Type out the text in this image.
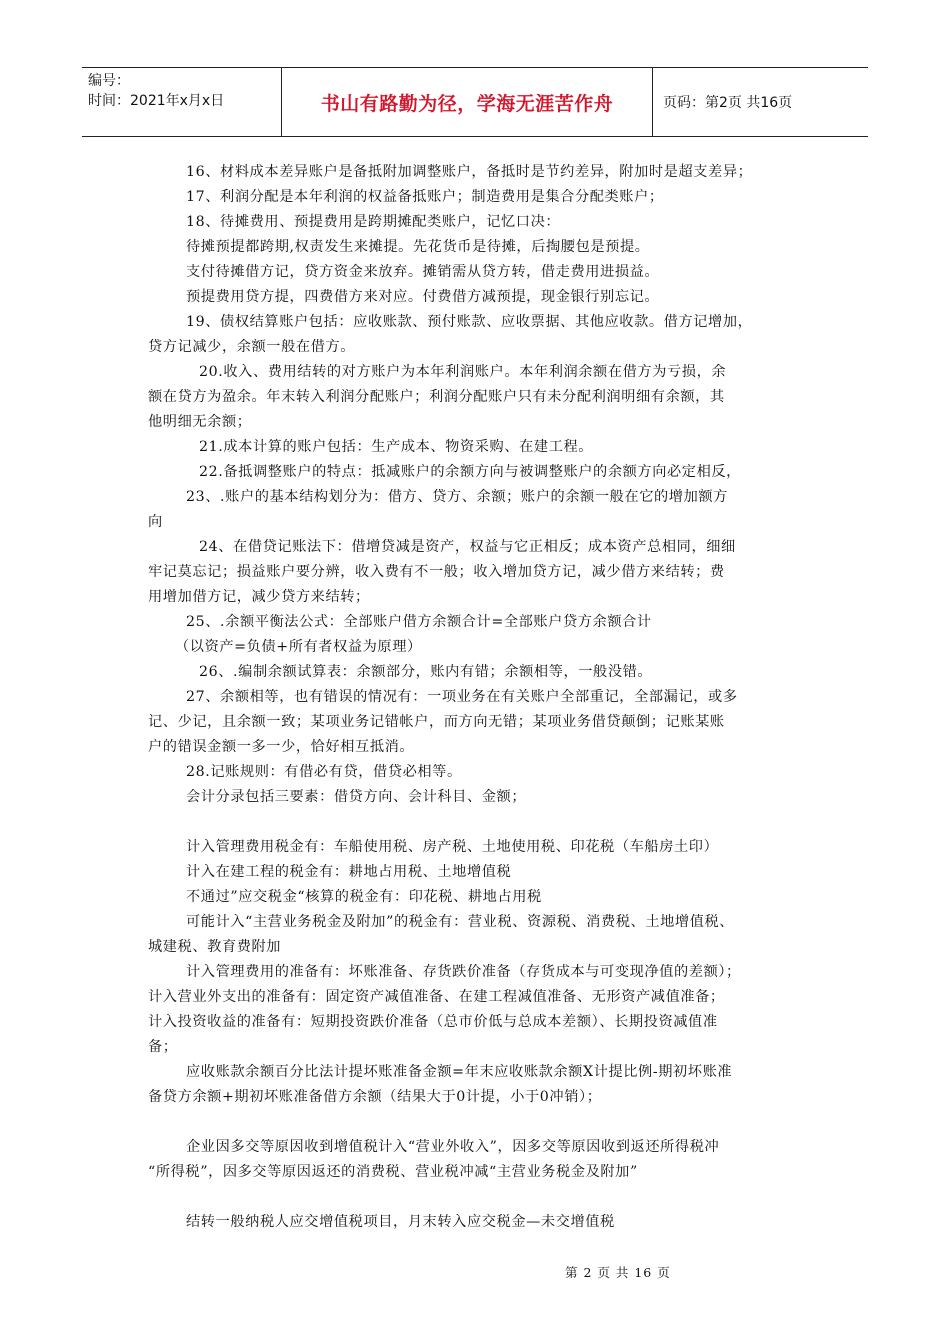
编号：
时间：2021年x月x日	书山有路勤为径，学海无涯苦作舟	页码：第2页 共16页
16、材料成本差异账户是备抵附加调整账户，备抵时是节约差异，附加时是超支差异；
17、利润分配是本年利润的权益备抵账户；制造费用是集合分配类账户；
18、待摊费用、预提费用是跨期摊配类账户，记忆口决：
待摊预提都跨期,权责发生来摊提。先花货币是待摊，后掏腰包是预提。
支付待摊借方记，贷方资金来放弃。摊销需从贷方转，借走费用进损益。
预提费用贷方提，四费借方来对应。付费借方减预提，现金银行别忘记。
19、债权结算账户包括：应收账款、预付账款、应收票据、其他应收款。借方记增加，
贷方记减少，余额一般在借方。
20.收入、费用结转的对方账户为本年利润账户。本年利润余额在借方为亏损，余
额在贷方为盈余。年末转入利润分配账户；利润分配账户只有未分配利润明细有余额，其
他明细无余额；
21.成本计算的账户包括：生产成本、物资采购、在建工程。
22.备抵调整账户的特点：抵减账户的余额方向与被调整账户的余额方向必定相反，
23、.账户的基本结构划分为：借方、贷方、余额；账户的余额一般在它的增加额方
向
24、在借贷记账法下：借增贷减是资产，权益与它正相反；成本资产总相同，细细
牢记莫忘记；损益账户要分辨，收入费有不一般；收入增加贷方记，减少借方来结转；费
用增加借方记，减少贷方来结转；
25、.余额平衡法公式：全部账户借方余额合计=全部账户贷方余额合计
（以资产=负债+所有者权益为原理）
26、.编制余额试算表：余额部分，账内有错；余额相等，一般没错。
27、余额相等，也有错误的情况有：一项业务在有关账户全部重记，全部漏记，或多
记、少记，且余额一致；某项业务记错帐户，而方向无错；某项业务借贷颠倒；记账某账
户的错误金额一多一少，恰好相互抵消。
28.记账规则：有借必有贷，借贷必相等。
会计分录包括三要素：借贷方向、会计科目、金额；
计入管理费用税金有：车船使用税、房产税、土地使用税、印花税（车船房土印）
计入在建工程的税金有：耕地占用税、土地增值税
不通过”应交税金“核算的税金有：印花税、耕地占用税
可能计入“主营业务税金及附加”的税金有：营业税、资源税、消费税、土地增值税、
城建税、教育费附加
计入管理费用的准备有：坏账准备、存货跌价准备（存货成本与可变现净值的差额）；
计入营业外支出的准备有：固定资产减值准备、在建工程减值准备、无形资产减值准备；
计入投资收益的准备有：短期投资跌价准备（总市价低与总成本差额）、长期投资减值准
备；
应收账款余额百分比法计提坏账准备金额=年末应收账款余额X计提比例-期初坏账准
备贷方余额+期初坏账准备借方余额（结果大于0计提，小于0冲销）；
企业因多交等原因收到增值税计入“营业外收入”，因多交等原因收到返还所得税冲
“所得税”，因多交等原因返还的消费税、营业税冲减“主营业务税金及附加”
结转一般纳税人应交增值税项目，月末转入应交税金—未交增值税
第 2 页 共 16 页
